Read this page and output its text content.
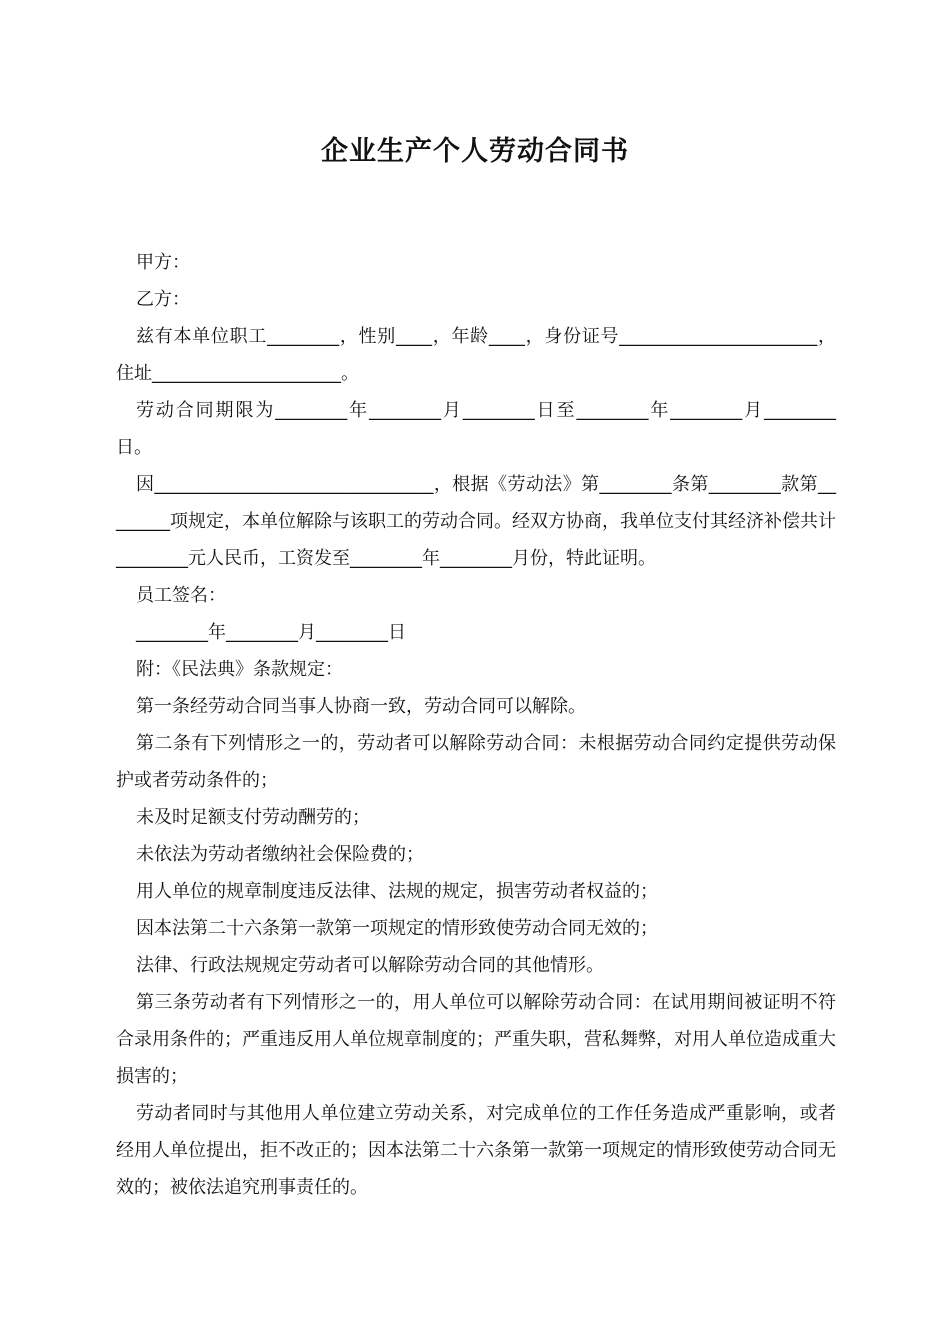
企业生产个人劳动合同书

甲方：

乙方：

兹有本单位职工________，性别____，年龄____，身份证号______________________，住址_____________________。

劳动合同期限为________年________月________日至________年________月________日。

因_______________________________，根据《劳动法》第________条第________款第________项规定，本单位解除与该职工的劳动合同。经双方协商，我单位支付其经济补偿共计________元人民币，工资发至________年________月份，特此证明。

员工签名：

________年________月________日

附：《民法典》条款规定：

第一条经劳动合同当事人协商一致，劳动合同可以解除。

第二条有下列情形之一的，劳动者可以解除劳动合同：未根据劳动合同约定提供劳动保护或者劳动条件的；

未及时足额支付劳动酬劳的；

未依法为劳动者缴纳社会保险费的；

用人单位的规章制度违反法律、法规的规定，损害劳动者权益的；

因本法第二十六条第一款第一项规定的情形致使劳动合同无效的；

法律、行政法规规定劳动者可以解除劳动合同的其他情形。

第三条劳动者有下列情形之一的，用人单位可以解除劳动合同：在试用期间被证明不符合录用条件的；严重违反用人单位规章制度的；严重失职，营私舞弊，对用人单位造成重大损害的；

劳动者同时与其他用人单位建立劳动关系，对完成单位的工作任务造成严重影响，或者经用人单位提出，拒不改正的；因本法第二十六条第一款第一项规定的情形致使劳动合同无效的；被依法追究刑事责任的。
